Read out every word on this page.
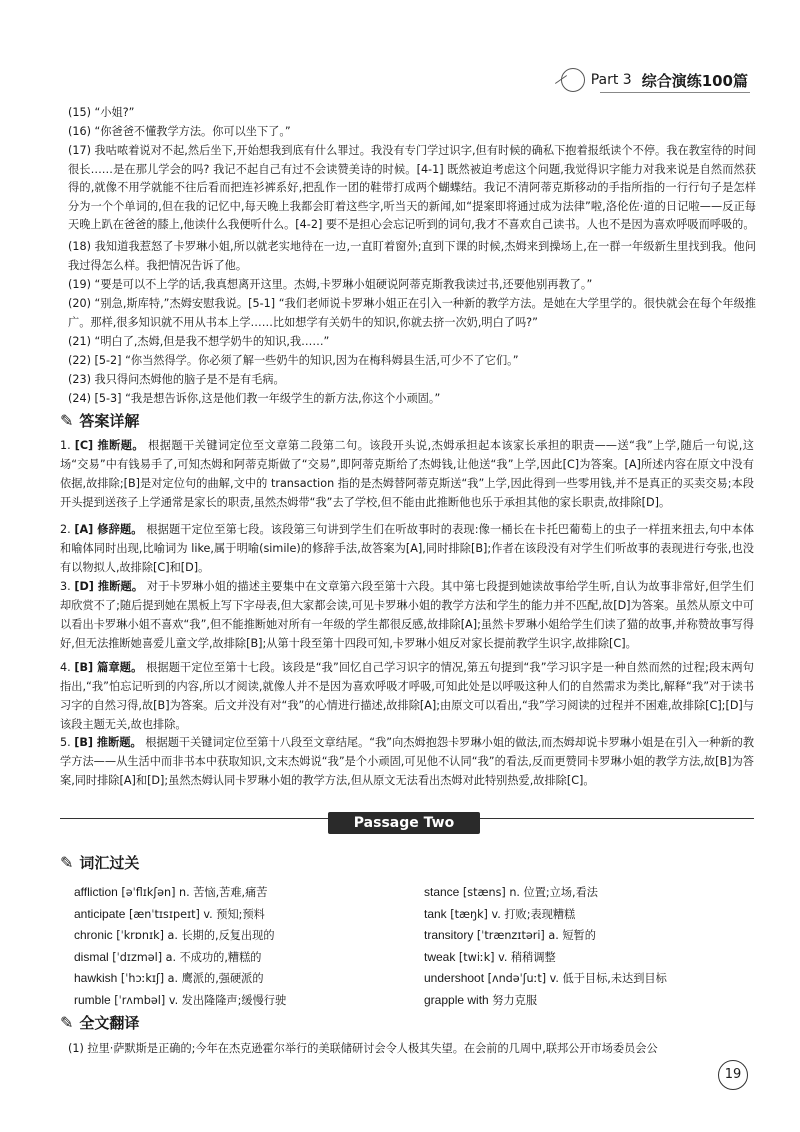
Part 3 综合演练100篇
(15) “小姐?”
(16) “你爸爸不懂教学方法。你可以坐下了。”
(17) 我咕哝着说对不起,然后坐下,开始想我到底有什么罪过。我没有专门学过识字,但有时候的确私下抱着报纸读个不停。我在教室待的时间很长……是在那儿学会的吗? 我记不起自己有过不会读赞美诗的时候。[4-1] 既然被迫考虑这个问题,我觉得识字能力对我来说是自然而然获得的,就像不用学就能不往后看而把连衫裤系好,把乱作一团的鞋带打成两个蝴蝶结。我记不清阿蒂克斯移动的手指所指的一行行句子是怎样分为一个个单词的,但在我的记忆中,每天晚上我都会盯着这些字,听当天的新闻,如“提案即将通过成为法律”啦,洛伦佐·道的日记啦——反正每天晚上趴在爸爸的膝上,他读什么我便听什么。[4-2] 要不是担心会忘记听到的词句,我才不喜欢自己读书。人也不是因为喜欢呼吸而呼吸的。
(18) 我知道我惹怒了卡罗琳小姐,所以就老实地待在一边,一直盯着窗外;直到下课的时候,杰姆来到操场上,在一群一年级新生里找到我。他问我过得怎么样。我把情况告诉了他。
(19) “要是可以不上学的话,我真想离开这里。杰姆,卡罗琳小姐硬说阿蒂克斯教我读过书,还要他别再教了。”
(20) “别急,斯库特,”杰姆安慰我说。[5-1] “我们老师说卡罗琳小姐正在引入一种新的教学方法。是她在大学里学的。很快就会在每个年级推广。那样,很多知识就不用从书本上学……比如想学有关奶牛的知识,你就去挤一次奶,明白了吗?”
(21) “明白了,杰姆,但是我不想学奶牛的知识,我……”
(22) [5-2] “你当然得学。你必须了解一些奶牛的知识,因为在梅科姆县生活,可少不了它们。”
(23) 我只得问杰姆他的脑子是不是有毛病。
(24) [5-3] “我是想告诉你,这是他们教一年级学生的新方法,你这个小顽固。”
✎ 答案详解
1. [C] 推断题。 根据题干关键词定位至文章第二段第二句。该段开头说,杰姆承担起本该家长承担的职责——送“我”上学,随后一句说,这场“交易”中有钱易手了,可知杰姆和阿蒂克斯做了“交易”,即阿蒂克斯给了杰姆钱,让他送“我”上学,因此[C]为答案。[A]所述内容在原文中没有依据,故排除;[B]是对定位句的曲解,文中的 transaction 指的是杰姆替阿蒂克斯送“我”上学,因此得到一些零用钱,并不是真正的买卖交易;本段开头提到送孩子上学通常是家长的职责,虽然杰姆带“我”去了学校,但不能由此推断他也乐于承担其他的家长职责,故排除[D]。
2. [A] 修辞题。 根据题干定位至第七段。该段第三句讲到学生们在听故事时的表现:像一桶长在卡托巴葡萄上的虫子一样扭来扭去,句中本体和喻体同时出现,比喻词为 like,属于明喻(simile)的修辞手法,故答案为[A],同时排除[B];作者在该段没有对学生们听故事的表现进行夸张,也没有以物拟人,故排除[C]和[D]。
3. [D] 推断题。 对于卡罗琳小姐的描述主要集中在文章第六段至第十六段。其中第七段提到她读故事给学生听,自认为故事非常好,但学生们却欣赏不了;随后提到她在黑板上写下字母表,但大家都会读,可见卡罗琳小姐的教学方法和学生的能力并不匹配,故[D]为答案。虽然从原文中可以看出卡罗琳小姐不喜欢“我”,但不能推断她对所有一年级的学生都很反感,故排除[A];虽然卡罗琳小姐给学生们读了猫的故事,并称赞故事写得好,但无法推断她喜爱儿童文学,故排除[B];从第十段至第十四段可知,卡罗琳小姐反对家长提前教学生识字,故排除[C]。
4. [B] 篇章题。 根据题干定位至第十七段。该段是“我”回忆自己学习识字的情况,第五句提到“我”学习识字是一种自然而然的过程;段末两句指出,“我”怕忘记听到的内容,所以才阅读,就像人并不是因为喜欢呼吸才呼吸,可知此处是以呼吸这种人们的自然需求为类比,解释“我”对于读书习字的自然习得,故[B]为答案。后文并没有对“我”的心情进行描述,故排除[A];由原文可以看出,“我”学习阅读的过程并不困难,故排除[C];[D]与该段主题无关,故也排除。
5. [B] 推断题。 根据题干关键词定位至第十八段至文章结尾。“我”向杰姆抱怨卡罗琳小姐的做法,而杰姆却说卡罗琳小姐是在引入一种新的教学方法——从生活中而非书本中获取知识,文末杰姆说“我”是个小顽固,可见他不认同“我”的看法,反而更赞同卡罗琳小姐的教学方法,故[B]为答案,同时排除[A]和[D];虽然杰姆认同卡罗琳小姐的教学方法,但从原文无法看出杰姆对此特别热爱,故排除[C]。
Passage Two
✎ 词汇过关
affliction [əˈflɪkʃən] n. 苦恼,苦难,痛苦
anticipate [ænˈtɪsɪpeɪt] v. 预知;预料
chronic [ˈkrɒnɪk] a. 长期的,反复出现的
dismal [ˈdɪzməl] a. 不成功的,糟糕的
hawkish [ˈhɔːkɪʃ] a. 鹰派的,强硬派的
rumble [ˈrʌmbəl] v. 发出隆隆声;缓慢行驶
stance [stæns] n. 位置;立场,看法
tank [tæŋk] v. 打败;表现糟糕
transitory [ˈtrænzɪtəri] a. 短暂的
tweak [twiːk] v. 稍稍调整
undershoot [ʌndəˈʃuːt] v. 低于目标,未达到目标
grapple with 努力克服
✎ 全文翻译
(1) 拉里·萨默斯是正确的;今年在杰克逊霍尔举行的美联储研讨会令人极其失望。在会前的几周中,联邦公开市场委员会公
19
